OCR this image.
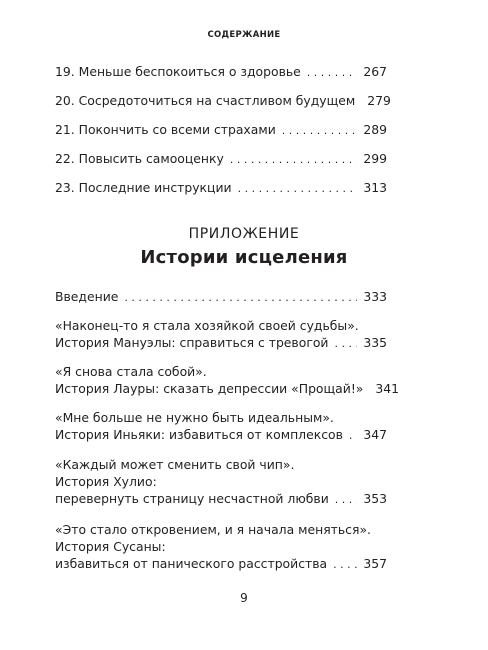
СОДЕРЖАНИЕ
19. Меньше беспокоиться о здоровье . . .	267
20. Сосредоточиться на счастливом будущем 279
21. Покончить со всеми страхами . . .	289
22. Повысить самооценку . . .	299
23. Последние инструкции . . .	313
ПРИЛОЖЕНИЕ
Истории исцеления
Введение . . .	333
«Наконец-то я стала хозяйкой своей судьбы».
История Мануэлы: справиться с тревогой . . .	335
«Я снова стала собой».
История Лауры: сказать депрессии «Прощай!» 341
«Мне больше не нужно быть идеальным».
История Иньяки: избавиться от комплексов . . . 347
«Каждый может сменить свой чип».
История Хулио:
перевернуть страницу несчастной любви . . .	353
«Это стало откровением, и я начала меняться».
История Сусаны:
избавиться от панического расстройства . . .	357
9
